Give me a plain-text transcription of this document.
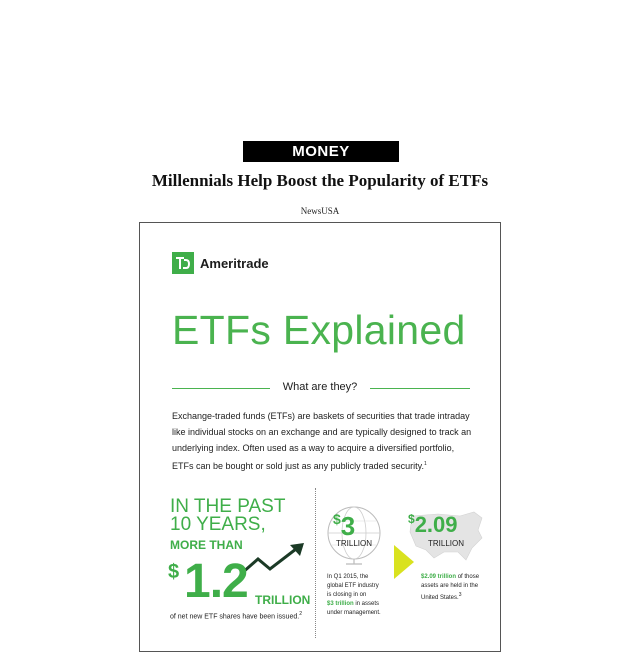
MONEY
Millennials Help Boost the Popularity of ETFs
NewsUSA
Ameritrade
ETFs Explained
What are they?
Exchange-traded funds (ETFs) are baskets of securities that trade intraday like individual stocks on an exchange and are typically designed to track an underlying index. Often used as a way to acquire a diversified portfolio, ETFs can be bought or sold just as any publicly traded security.$^1$
IN THE PAST
10 YEARS,
MORE THAN
$ 1.2 TRILLION
of net new ETF shares have been issued.$^2$
$3
TRILLION
In Q1 2015, the
global ETF industry
is closing in on
$3 trillion in assets
under management.
$2.09
TRILLION
$2.09 trillion of those
assets are held in the
United States.$^3$
